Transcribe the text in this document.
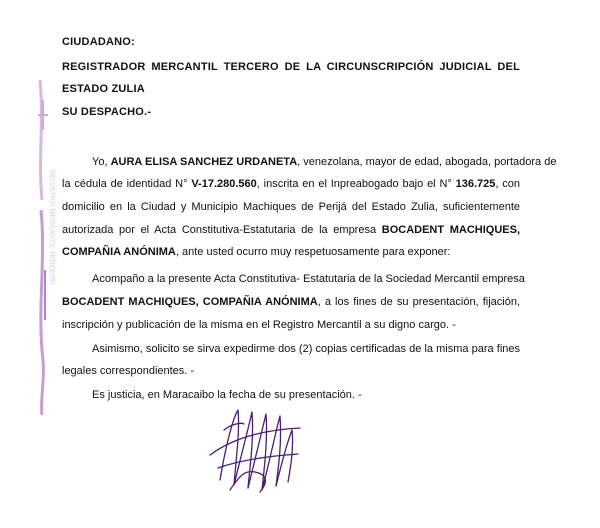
REGISTRO MERCANTIL TERCERO
CIUDADANO:
REGISTRADOR MERCANTIL TERCERO DE LA CIRCUNSCRIPCIÓN JUDICIAL DEL
ESTADO ZULIA
SU DESPACHO.-
Yo, AURA ELISA SANCHEZ URDANETA, venezolana, mayor de edad, abogada, portadora de
la cédula de identidad N° V-17.280.560, inscrita en el Inpreabogado bajo el N° 136.725, con
domicilio en la Ciudad y Municipio Machiques de Perijá del Estado Zulia, suficientemente
autorizada por el Acta Constitutiva-Estatutaria de la empresa BOCADENT MACHIQUES,
COMPAÑIA ANÓNIMA, ante usted ocurro muy respetuosamente para exponer:
Acompaño a la presente Acta Constitutiva- Estatutaria de la Sociedad Mercantil empresa
BOCADENT MACHIQUES, COMPAÑIA ANÓNIMA, a los fines de su presentación, fijación,
inscripción y publicación de la misma en el Registro Mercantil a su digno cargo. -
Asimismo, solicito se sirva expedirme dos (2) copias certificadas de la misma para fines
legales correspondientes. -
Es justicia, en Maracaibo la fecha de su presentación. -
